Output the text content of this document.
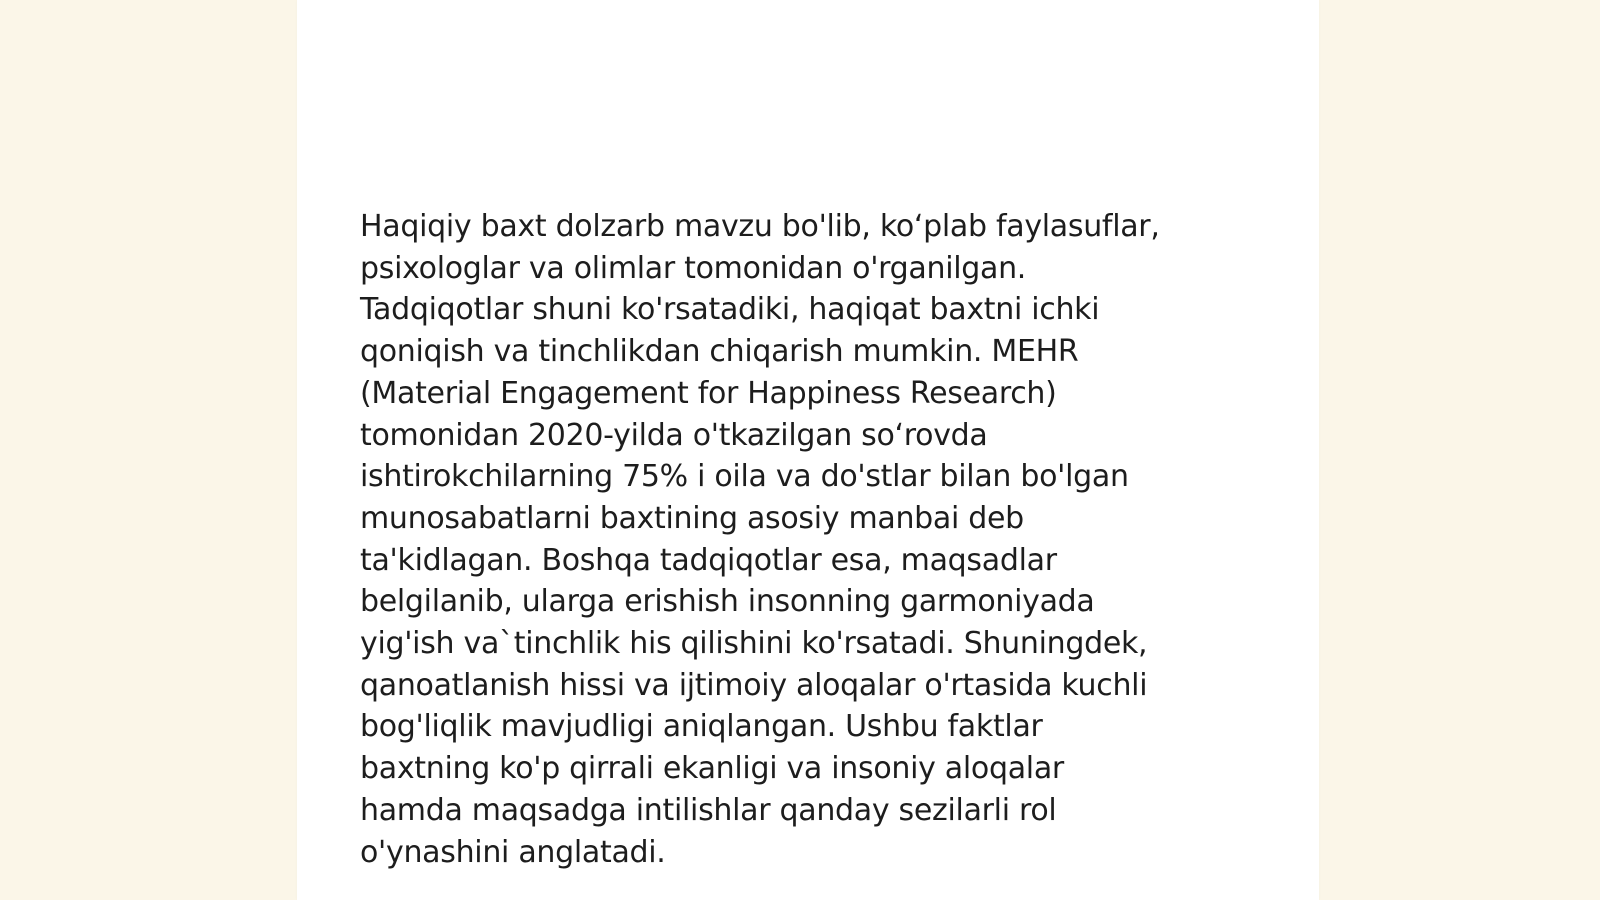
Haqiqiy baxt dolzarb mavzu bo'lib, ko‘plab faylasuflar,
psixologlar va olimlar tomonidan o'rganilgan.
Tadqiqotlar shuni ko'rsatadiki, haqiqat baxtni ichki
qoniqish va tinchlikdan chiqarish mumkin. MEHR
(Material Engagement for Happiness Research)
tomonidan 2020-yilda o'tkazilgan so‘rovda
ishtirokchilarning 75% i oila va do'stlar bilan bo'lgan
munosabatlarni baxtining asosiy manbai deb
ta'kidlagan. Boshqa tadqiqotlar esa, maqsadlar
belgilanib, ularga erishish insonning garmoniyada
yig'ish va`tinchlik his qilishini ko'rsatadi. Shuningdek,
qanoatlanish hissi va ijtimoiy aloqalar o'rtasida kuchli
bog'liqlik mavjudligi aniqlangan. Ushbu faktlar
baxtning ko'p qirrali ekanligi va insoniy aloqalar
hamda maqsadga intilishlar qanday sezilarli rol
o'ynashini anglatadi.
